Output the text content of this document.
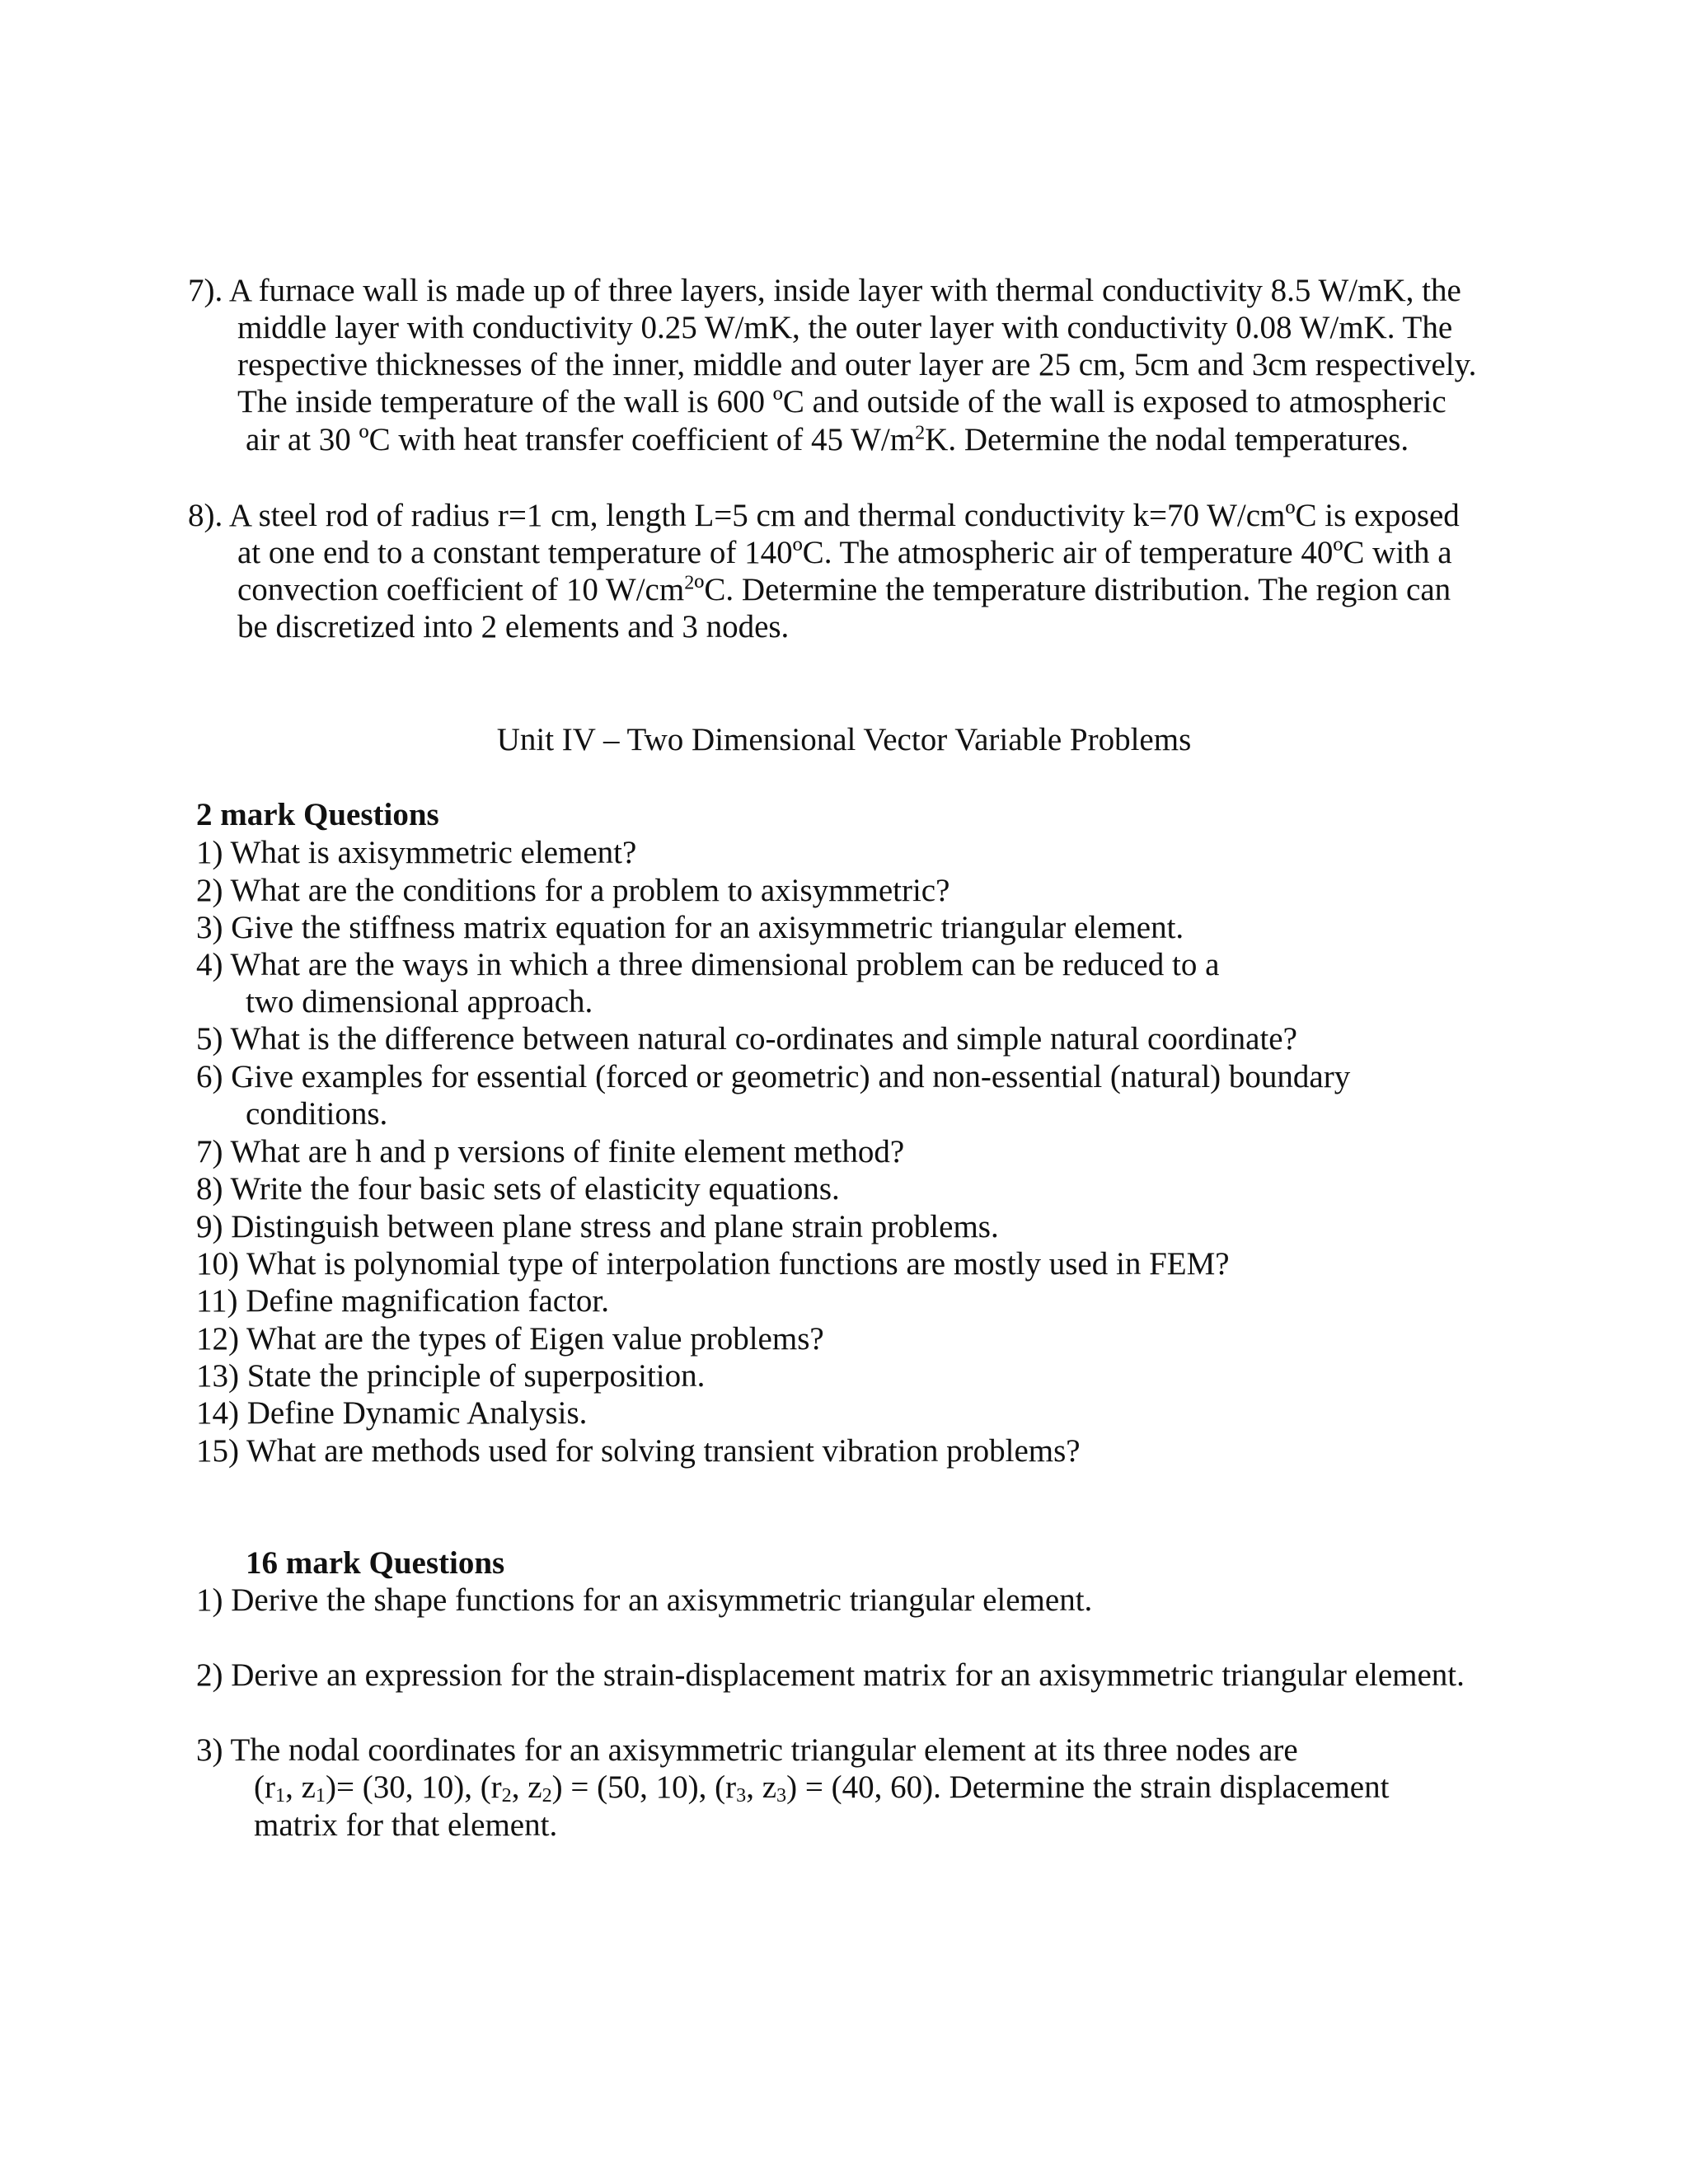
7). A furnace wall is made up of three layers, inside layer with thermal conductivity 8.5 W/mK, the
middle layer with conductivity 0.25 W/mK, the outer layer with conductivity 0.08 W/mK. The
respective thicknesses of the inner, middle and outer layer are 25 cm, 5cm and 3cm respectively.
The inside temperature of the wall is 600 ºC and outside of the wall is exposed to atmospheric
air at 30 ºC with heat transfer coefficient of 45 $W/m^2K$. Determine the nodal temperatures.
8). A steel rod of radius r=1 cm, length L=5 cm and thermal conductivity k=70 W/cmºC is exposed
at one end to a constant temperature of 140ºC. The atmospheric air of temperature 40ºC with a
convection coefficient of 10 $W/cm^2ºC$. Determine the temperature distribution. The region can
be discretized into 2 elements and 3 nodes.
Unit IV – Two Dimensional Vector Variable Problems
2 mark Questions
1) What is axisymmetric element?
2) What are the conditions for a problem to axisymmetric?
3) Give the stiffness matrix equation for an axisymmetric triangular element.
4) What are the ways in which a three dimensional problem can be reduced to a
two dimensional approach.
5) What is the difference between natural co-ordinates and simple natural coordinate?
6) Give examples for essential (forced or geometric) and non-essential (natural) boundary
conditions.
7) What are h and p versions of finite element method?
8) Write the four basic sets of elasticity equations.
9) Distinguish between plane stress and plane strain problems.
10) What is polynomial type of interpolation functions are mostly used in FEM?
11) Define magnification factor.
12) What are the types of Eigen value problems?
13) State the principle of superposition.
14) Define Dynamic Analysis.
15) What are methods used for solving transient vibration problems?
16 mark Questions
1) Derive the shape functions for an axisymmetric triangular element.
2) Derive an expression for the strain-displacement matrix for an axisymmetric triangular element.
3) The nodal coordinates for an axisymmetric triangular element at its three nodes are
($r_1$, $z_1)= (30$, 10), ($r_2$, $z_2) = (50$, 10), ($r_3$, $z_3) = (40$, 60). Determine the strain displacement
matrix for that element.
